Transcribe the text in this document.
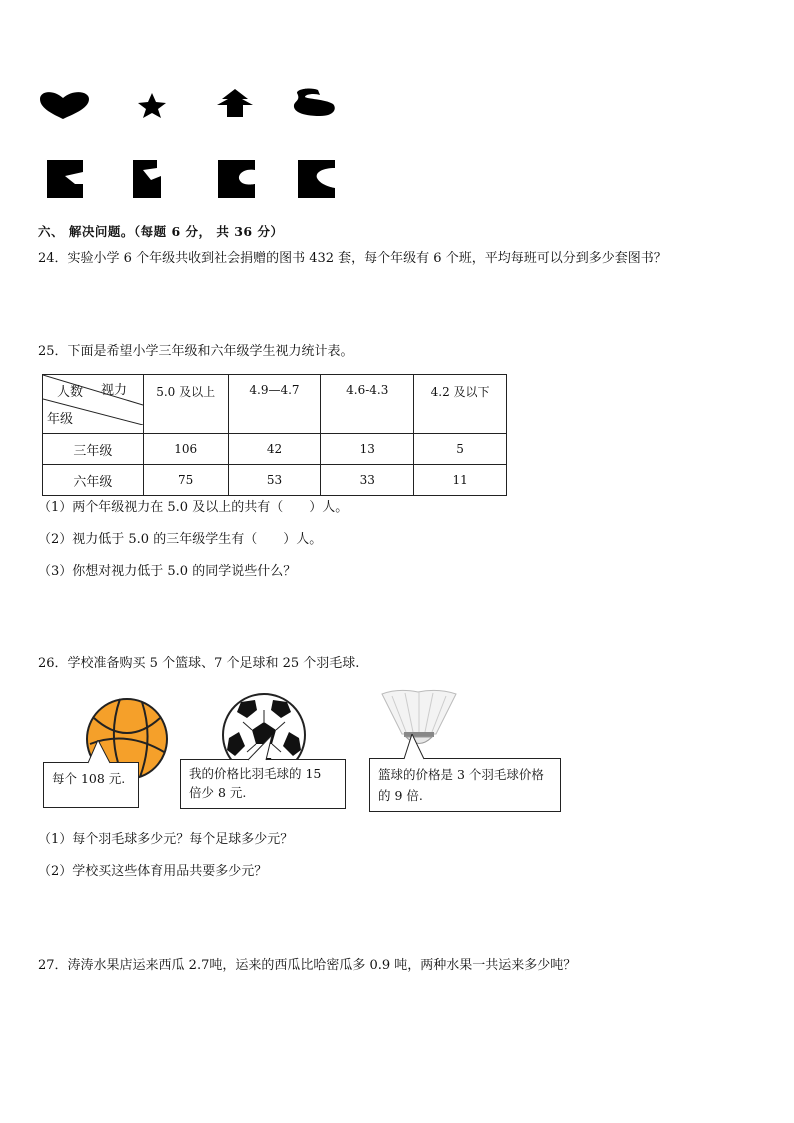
六、 解决问题。（每题 6 分， 共 36 分）
24．实验小学 6 个年级共收到社会捐赠的图书 432 套，每个年级有 6 个班，平均每班可以分到多少套图书？
25．下面是希望小学三年级和六年级学生视力统计表。
人数 视力
年级	5.0 及以上	4.9—4.7	4.6-4.3	4.2 及以下
三年级	106	42	13	5
六年级	75	53	33	11
（1）两个年级视力在 5.0 及以上的共有（　　）人。
（2）视力低于 5.0 的三年级学生有（　　）人。
（3）你想对视力低于 5.0 的同学说些什么？
26．学校准备购买 5 个篮球、7 个足球和 25 个羽毛球.
每个 108 元.	我的价格比羽毛球的 15 倍少 8 元.
篮球的价格是 3 个羽毛球价格的 9 倍.
（1）每个羽毛球多少元？每个足球多少元？
（2）学校买这些体育用品共要多少元？
27．涛涛水果店运来西瓜 2.7吨，运来的西瓜比哈密瓜多 0.9 吨，两种水果一共运来多少吨？
